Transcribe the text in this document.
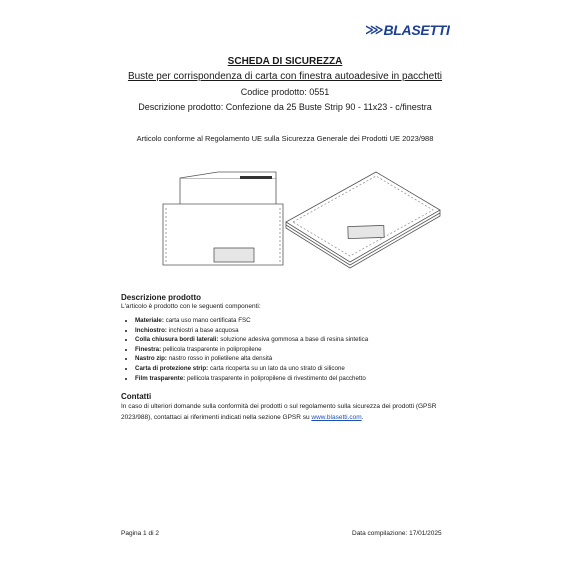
⋙ BLASETTI
SCHEDA DI SICUREZZA
Buste per corrispondenza di carta con finestra autoadesive in pacchetti
Codice prodotto: 0551
Descrizione prodotto: Confezione da 25 Buste Strip 90 - 11x23 - c/finestra
Articolo conforme al Regolamento UE sulla Sicurezza Generale dei Prodotti UE 2023/988
Descrizione prodotto
L'articolo è prodotto con le seguenti componenti:
• Materiale: carta uso mano certificata FSC
• Inchiostro: inchiostri a base acquosa
• Colla chiusura bordi laterali: soluzione adesiva gommosa a base di resina sintetica
• Finestra: pellicola trasparente in polipropilene
• Nastro zip: nastro rosso in polietilene alta densità
• Carta di protezione strip: carta ricoperta su un lato da uno strato di silicone
• Film trasparente: pellicola trasparente in polipropilene di rivestimento del pacchetto
Contatti
In caso di ulteriori domande sulla conformità dei prodotti o sul regolamento sulla sicurezza dei prodotti (GPSR 2023/988), contattaci ai riferimenti indicati nella sezione GPSR su www.blasetti.com.
Pagina 1 di 2	Data compilazione: 17/01/2025
